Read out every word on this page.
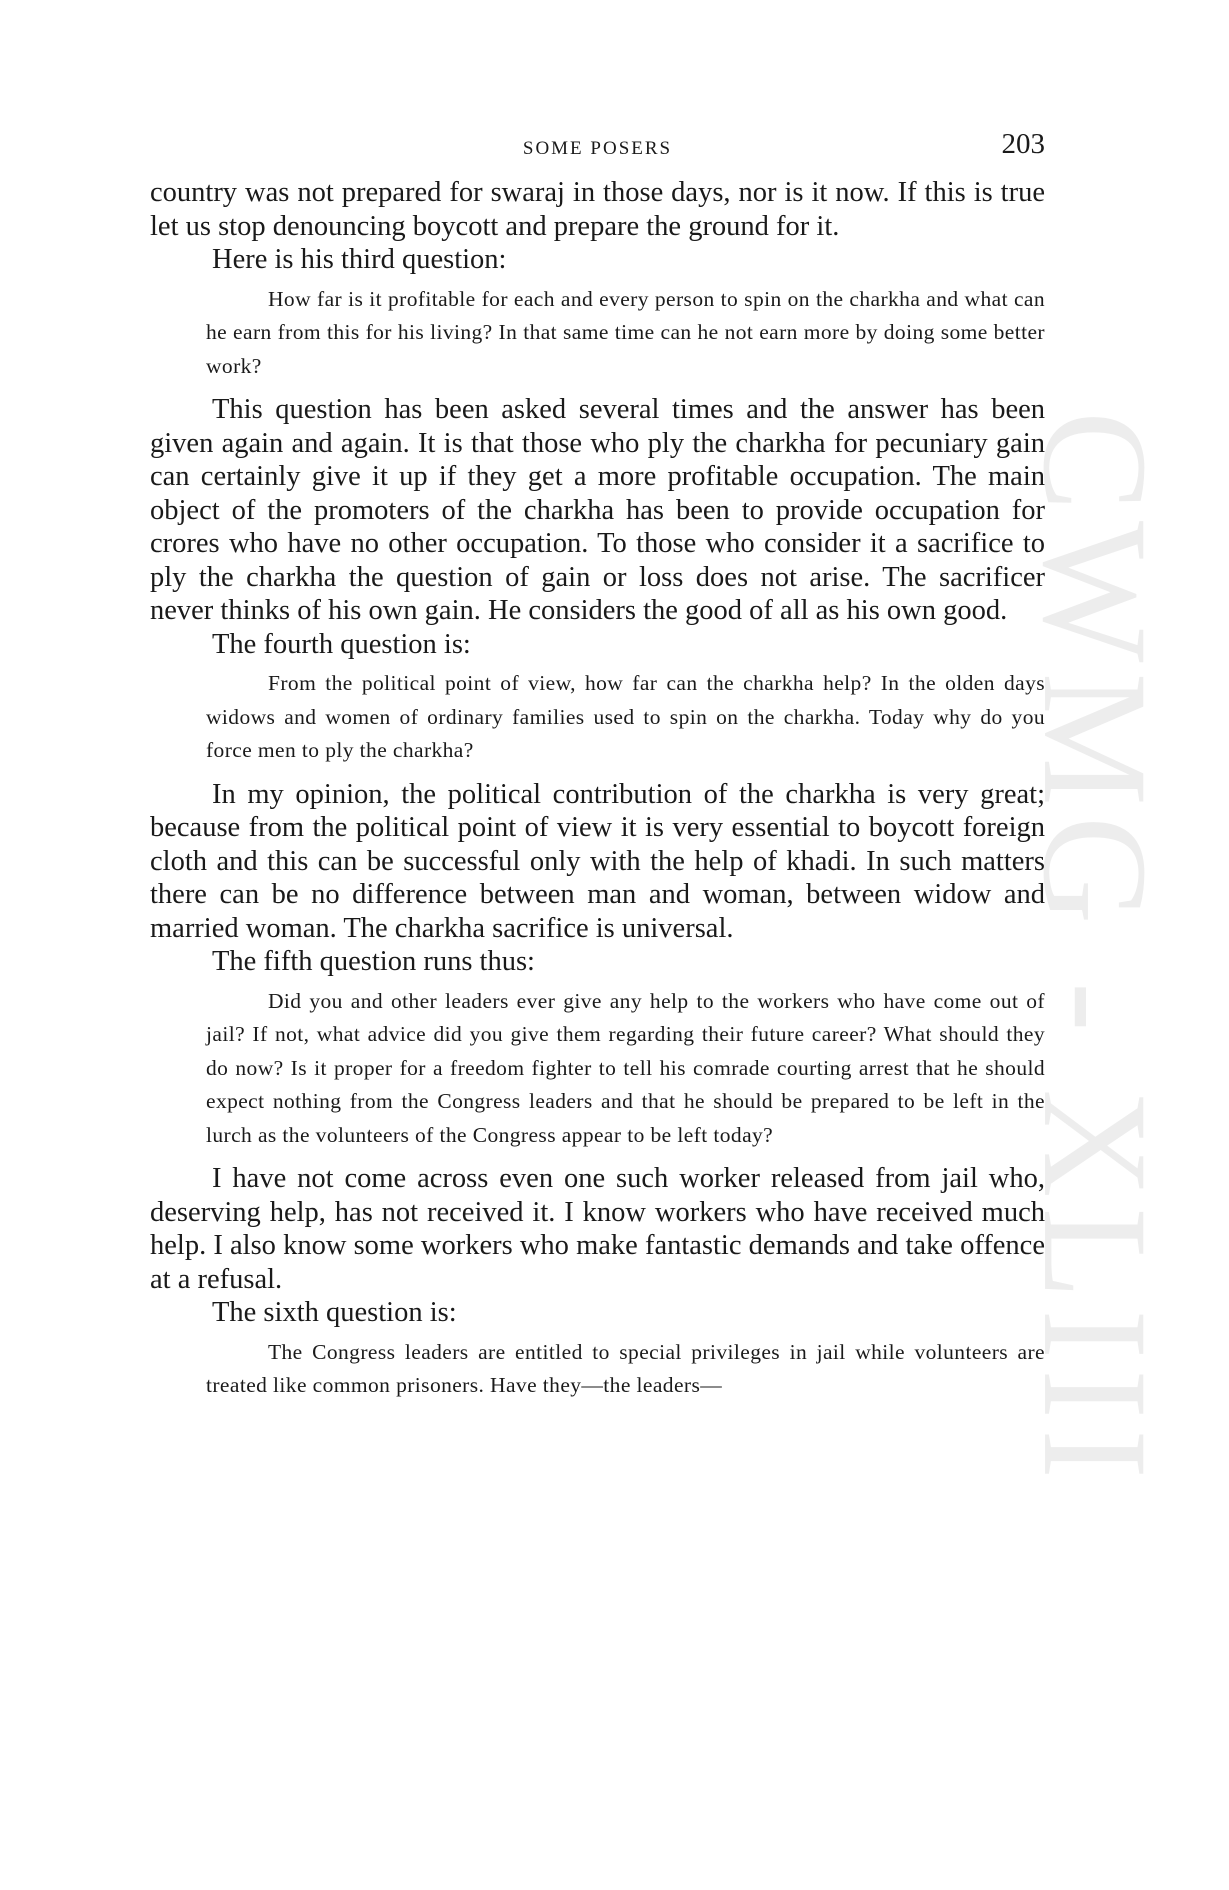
CWMG - XLIII
SOME POSERS	203

country was not prepared for swaraj in those days, nor is it now. If this is true let us stop denouncing boycott and prepare the ground for it.

Here is his third question:

How far is it profitable for each and every person to spin on the charkha and what can he earn from this for his living? In that same time can he not earn more by doing some better work?

This question has been asked several times and the answer has been given again and again. It is that those who ply the charkha for pecuniary gain can certainly give it up if they get a more profitable occupation. The main object of the promoters of the charkha has been to provide occupation for crores who have no other occupation. To those who consider it a sacrifice to ply the charkha the question of gain or loss does not arise. The sacrificer never thinks of his own gain. He considers the good of all as his own good.

The fourth question is:

From the political point of view, how far can the charkha help? In the olden days widows and women of ordinary families used to spin on the charkha. Today why do you force men to ply the charkha?

In my opinion, the political contribution of the charkha is very great; because from the political point of view it is very essential to boycott foreign cloth and this can be successful only with the help of khadi. In such matters there can be no difference between man and woman, between widow and married woman. The charkha sacrifice is universal.

The fifth question runs thus:

Did you and other leaders ever give any help to the workers who have come out of jail? If not, what advice did you give them regarding their future career? What should they do now? Is it proper for a freedom fighter to tell his comrade courting arrest that he should expect nothing from the Congress leaders and that he should be prepared to be left in the lurch as the volunteers of the Congress appear to be left today?

I have not come across even one such worker released from jail who, deserving help, has not received it. I know workers who have received much help. I also know some workers who make fantastic demands and take offence at a refusal.

The sixth question is:

The Congress leaders are entitled to special privileges in jail while volunteers are treated like common prisoners. Have they—the leaders—
